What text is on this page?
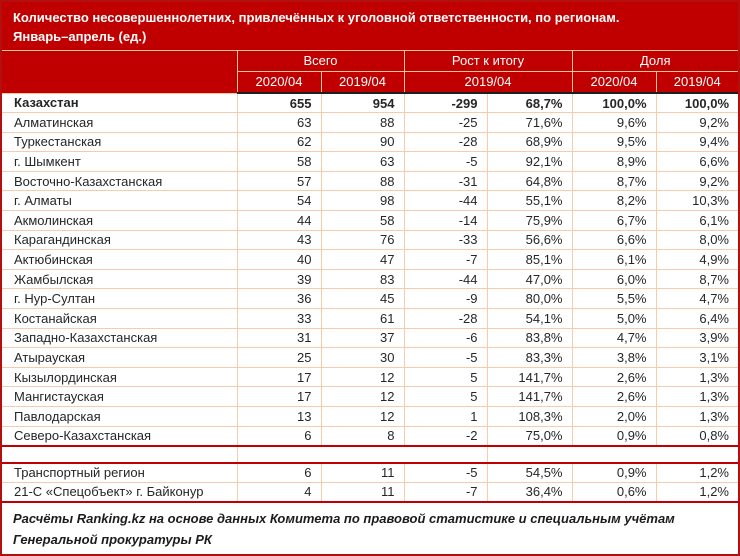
Количество несовершеннолетних, привлечённых к уголовной ответственности, по регионам.
Январь–апрель (ед.)
	Всего		Рост к итогу		Доля	
	2020/04	2019/04	2019/04		2020/04	2019/04
Казахстан	655	954	-299	68,7%	100,0%	100,0%
Алматинская	63	88	-25	71,6%	9,6%	9,2%
Туркестанская	62	90	-28	68,9%	9,5%	9,4%
г. Шымкент	58	63	-5	92,1%	8,9%	6,6%
Восточно-Казахстанская	57	88	-31	64,8%	8,7%	9,2%
г. Алматы	54	98	-44	55,1%	8,2%	10,3%
Акмолинская	44	58	-14	75,9%	6,7%	6,1%
Карагандинская	43	76	-33	56,6%	6,6%	8,0%
Актюбинская	40	47	-7	85,1%	6,1%	4,9%
Жамбылская	39	83	-44	47,0%	6,0%	8,7%
г. Нур-Султан	36	45	-9	80,0%	5,5%	4,7%
Костанайская	33	61	-28	54,1%	5,0%	6,4%
Западно-Казахстанская	31	37	-6	83,8%	4,7%	3,9%
Атырауская	25	30	-5	83,3%	3,8%	3,1%
Кызылординская	17	12	5	141,7%	2,6%	1,3%
Мангистауская	17	12	5	141,7%	2,6%	1,3%
Павлодарская	13	12	1	108,3%	2,0%	1,3%
Северо-Казахстанская	6	8	-2	75,0%	0,9%	0,8%

Транспортный регион	6	11	-5	54,5%	0,9%	1,2%
21-С «Спецобъект» г. Байконур	4	11	-7	36,4%	0,6%	1,2%
Расчёты Ranking.kz на основе данных Комитета по правовой статистике и специальным учётам
Генеральной прокуратуры РК
